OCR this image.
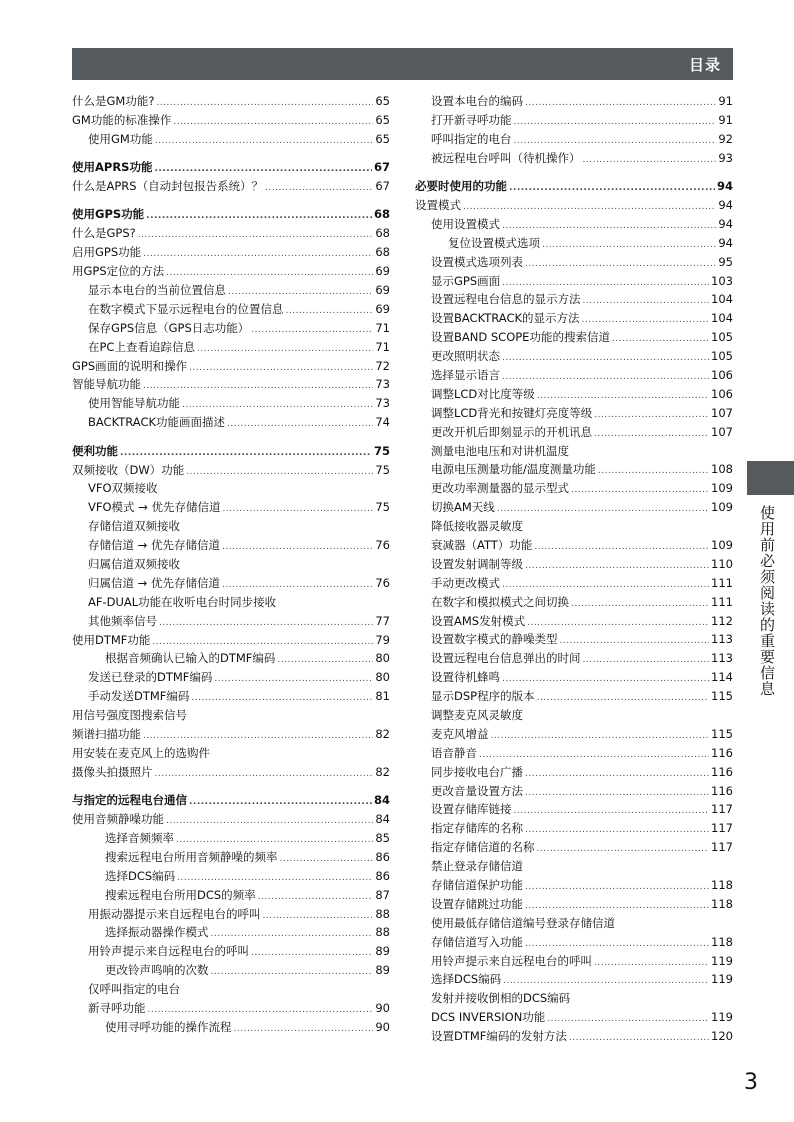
目录
什么是GM功能? .....	65
GM功能的标准操作 .....	65
使用GM功能 .....	65
使用APRS功能 .....	67
什么是APRS（自动封包报告系统）？ .....	67
使用GPS功能 .....	68
什么是GPS? .....	68
启用GPS功能 .....	68
用GPS定位的方法 .....	69
显示本电台的当前位置信息 .....	69
在数字模式下显示远程电台的位置信息 .....	69
保存GPS信息（GPS日志功能） .....	71
在PC上查看追踪信息 .....	71
GPS画面的说明和操作 .....	72
智能导航功能 .....	73
使用智能导航功能 .....	73
BACKTRACK功能画面描述 .....	74
便利功能 .....	75
双频接收（DW）功能 .....	75
VFO双频接收
VFO模式 → 优先存储信道 .....	75
存储信道双频接收
存储信道 → 优先存储信道 .....	76
归属信道双频接收
归属信道 → 优先存储信道 .....	76
AF-DUAL功能在收听电台时同步接收
其他频率信号 .....	77
使用DTMF功能 .....	79
根据音频确认已输入的DTMF编码 .....	80
发送已登录的DTMF编码 .....	80
手动发送DTMF编码 .....	81
用信号强度图搜索信号
频谱扫描功能 .....	82
用安装在麦克风上的选购件
摄像头拍摄照片 .....	82
与指定的远程电台通信 .....	84
使用音频静噪功能 .....	84
选择音频频率 .....	85
搜索远程电台所用音频静噪的频率 .....	86
选择DCS编码 .....	86
搜索远程电台所用DCS的频率 .....	87
用振动器提示来自远程电台的呼叫 .....	88
选择振动器操作模式 .....	88
用铃声提示来自远程电台的呼叫 .....	89
更改铃声鸣响的次数 .....	89
仅呼叫指定的电台
新寻呼功能 .....	90
使用寻呼功能的操作流程 .....	90
设置本电台的编码 .....	91
打开新寻呼功能 .....	91
呼叫指定的电台 .....	92
被远程电台呼叫（待机操作） .....	93
必要时使用的功能 .....	94
设置模式 .....	94
使用设置模式 .....	94
复位设置模式选项 .....	94
设置模式选项列表 .....	95
显示GPS画面 .....	103
设置远程电台信息的显示方法 .....	104
设置BACKTRACK的显示方法 .....	104
设置BAND SCOPE功能的搜索信道 .....	105
更改照明状态 .....	105
选择显示语言 .....	106
调整LCD对比度等级 .....	106
调整LCD背光和按键灯亮度等级 .....	107
更改开机后即刻显示的开机讯息 .....	107
测量电池电压和对讲机温度
电源电压测量功能/温度测量功能 .....	108
更改功率测量器的显示型式 .....	109
切换AM天线 .....	109
降低接收器灵敏度
衰减器（ATT）功能 .....	109
设置发射调制等级 .....	110
手动更改模式 .....	111
在数字和模拟模式之间切换 .....	111
设置AMS发射模式 .....	112
设置数字模式的静噪类型 .....	113
设置远程电台信息弹出的时间 .....	113
设置待机蜂鸣 .....	114
显示DSP程序的版本 .....	115
调整麦克风灵敏度
麦克风增益 .....	115
语音静音 .....	116
同步接收电台广播 .....	116
更改音量设置方法 .....	116
设置存储库链接 .....	117
指定存储库的名称 .....	117
指定存储信道的名称 .....	117
禁止登录存储信道
存储信道保护功能 .....	118
设置存储跳过功能 .....	118
使用最低存储信道编号登录存储信道
存储信道写入功能 .....	118
用铃声提示来自远程电台的呼叫 .....	119
选择DCS编码 .....	119
发射并接收倒相的DCS编码
DCS INVERSION功能 .....	119
设置DTMF编码的发射方法 .....	120
使用前必须阅读的重要信息
3
